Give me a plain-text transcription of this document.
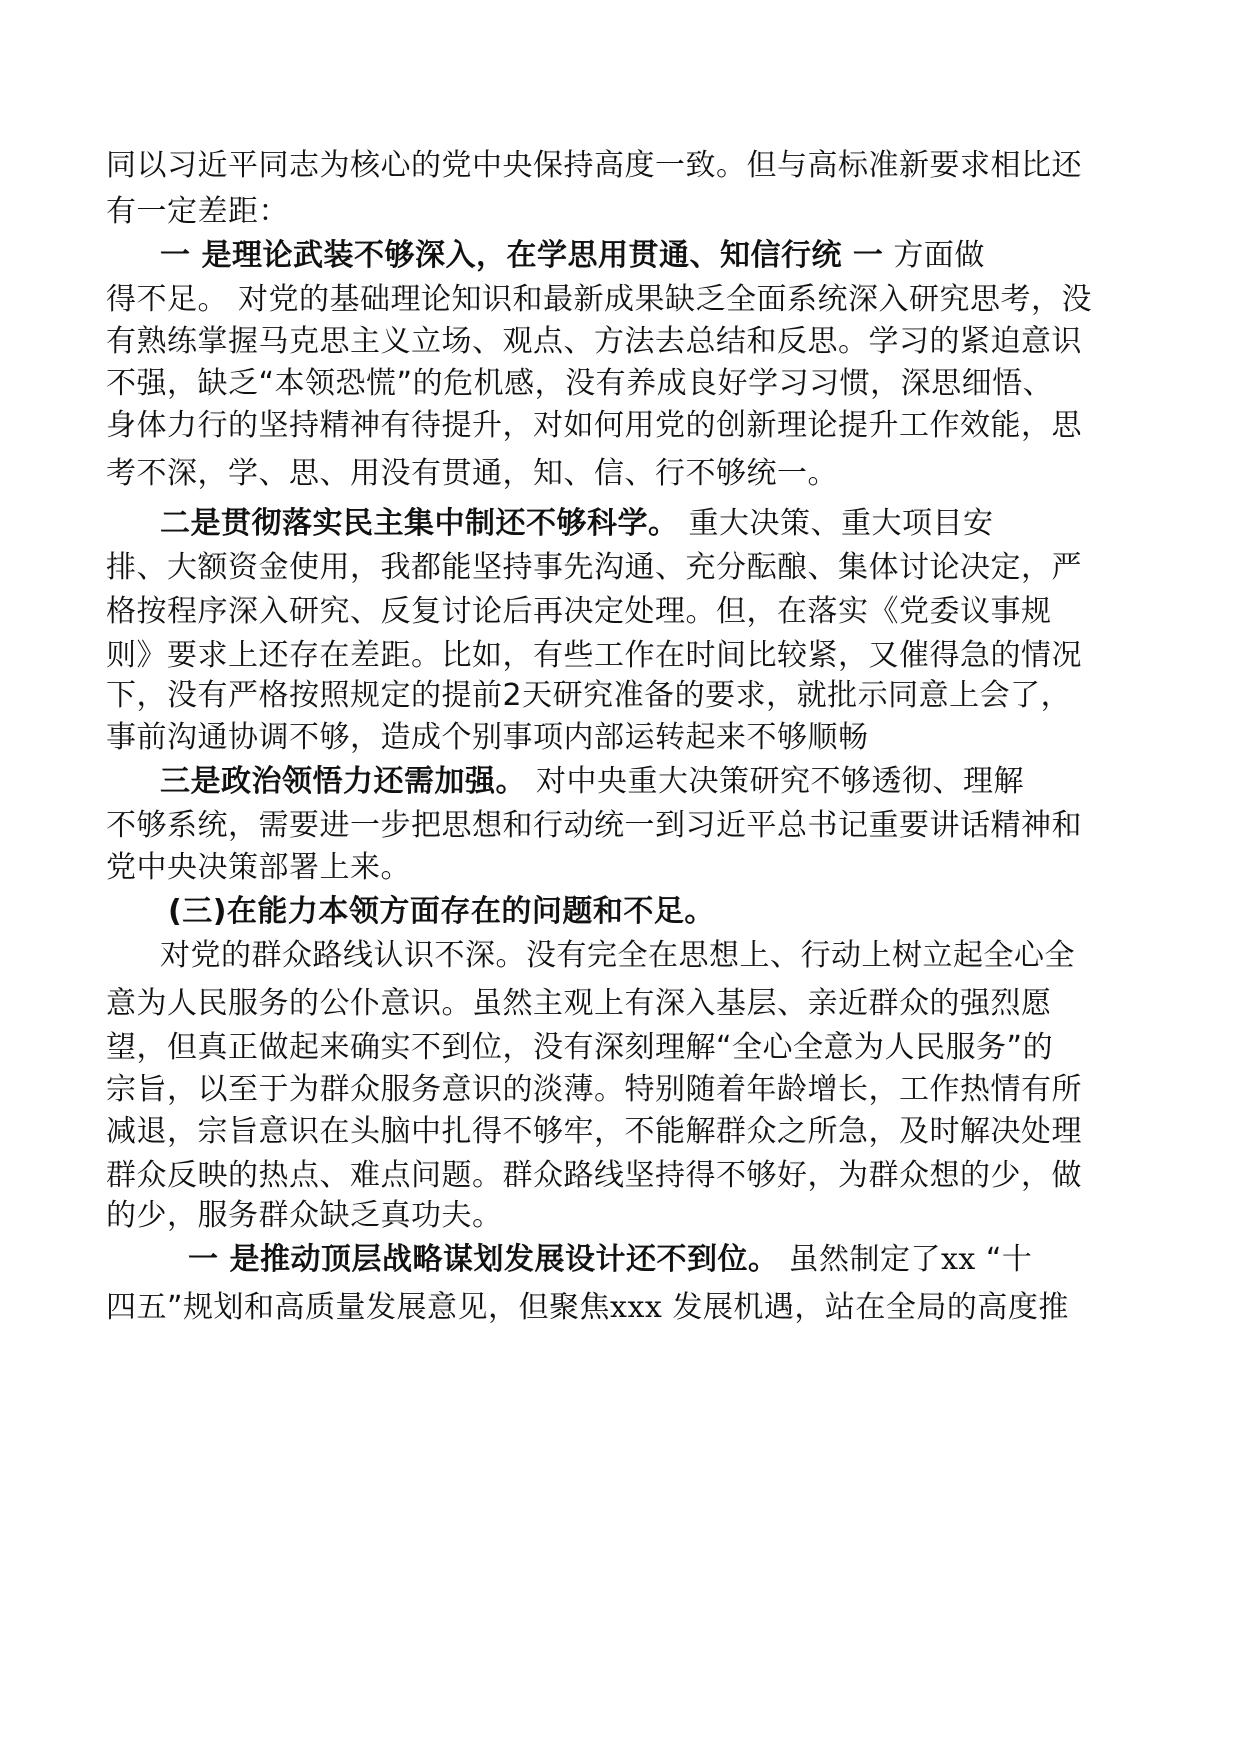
同以习近平同志为核心的党中央保持高度一致。但与高标准新要求相比还
有一定差距：
一 是理论武装不够深入，在学思用贯通、知信行统 一 方面做
得不足。 对党的基础理论知识和最新成果缺乏全面系统深入研究思考，没
有熟练掌握马克思主义立场、观点、方法去总结和反思。学习的紧迫意识
不强，缺乏“本领恐慌”的危机感，没有养成良好学习习惯，深思细悟、
身体力行的坚持精神有待提升，对如何用党的创新理论提升工作效能，思
考不深，学、思、用没有贯通，知、信、行不够统一。
二是贯彻落实民主集中制还不够科学。 重大决策、重大项目安
排、大额资金使用，我都能坚持事先沟通、充分酝酿、集体讨论决定，严
格按程序深入研究、反复讨论后再决定处理。但，在落实《党委议事规
则》要求上还存在差距。比如，有些工作在时间比较紧，又催得急的情况
下，没有严格按照规定的提前2天研究准备的要求，就批示同意上会了，
事前沟通协调不够，造成个别事项内部运转起来不够顺畅
三是政治领悟力还需加强。 对中央重大决策研究不够透彻、理解
不够系统，需要进一步把思想和行动统一到习近平总书记重要讲话精神和
党中央决策部署上来。
(三)在能力本领方面存在的问题和不足。
对党的群众路线认识不深。没有完全在思想上、行动上树立起全心全
意为人民服务的公仆意识。虽然主观上有深入基层、亲近群众的强烈愿
望，但真正做起来确实不到位，没有深刻理解“全心全意为人民服务”的
宗旨，以至于为群众服务意识的淡薄。特别随着年龄增长，工作热情有所
减退，宗旨意识在头脑中扎得不够牢，不能解群众之所急，及时解决处理
群众反映的热点、难点问题。群众路线坚持得不够好，为群众想的少，做
的少，服务群众缺乏真功夫。
一 是推动顶层战略谋划发展设计还不到位。 虽然制定了xx “十
四五”规划和高质量发展意见，但聚焦xxx 发展机遇，站在全局的高度推
